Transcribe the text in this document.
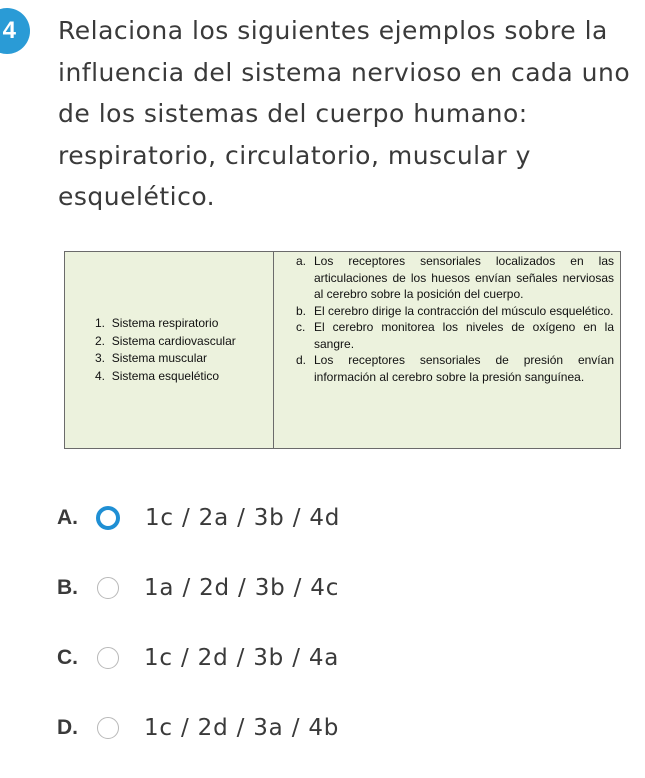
4 Relaciona los siguientes ejemplos sobre la influencia del sistema nervioso en cada uno de los sistemas del cuerpo humano: respiratorio, circulatorio, muscular y esquelético.

1. Sistema respiratorio
2. Sistema cardiovascular
3. Sistema muscular
4. Sistema esquelético
a. Los receptores sensoriales localizados en las articulaciones de los huesos envían señales nerviosas al cerebro sobre la posición del cuerpo.
b. El cerebro dirige la contracción del músculo esquelético.
c. El cerebro monitorea los niveles de oxígeno en la sangre.
d. Los receptores sensoriales de presión envían información al cerebro sobre la presión sanguínea.
A.	1c / 2a / 3b / 4d
B.	1a / 2d / 3b / 4c
C.	1c / 2d / 3b / 4a
D.	1c / 2d / 3a / 4b
